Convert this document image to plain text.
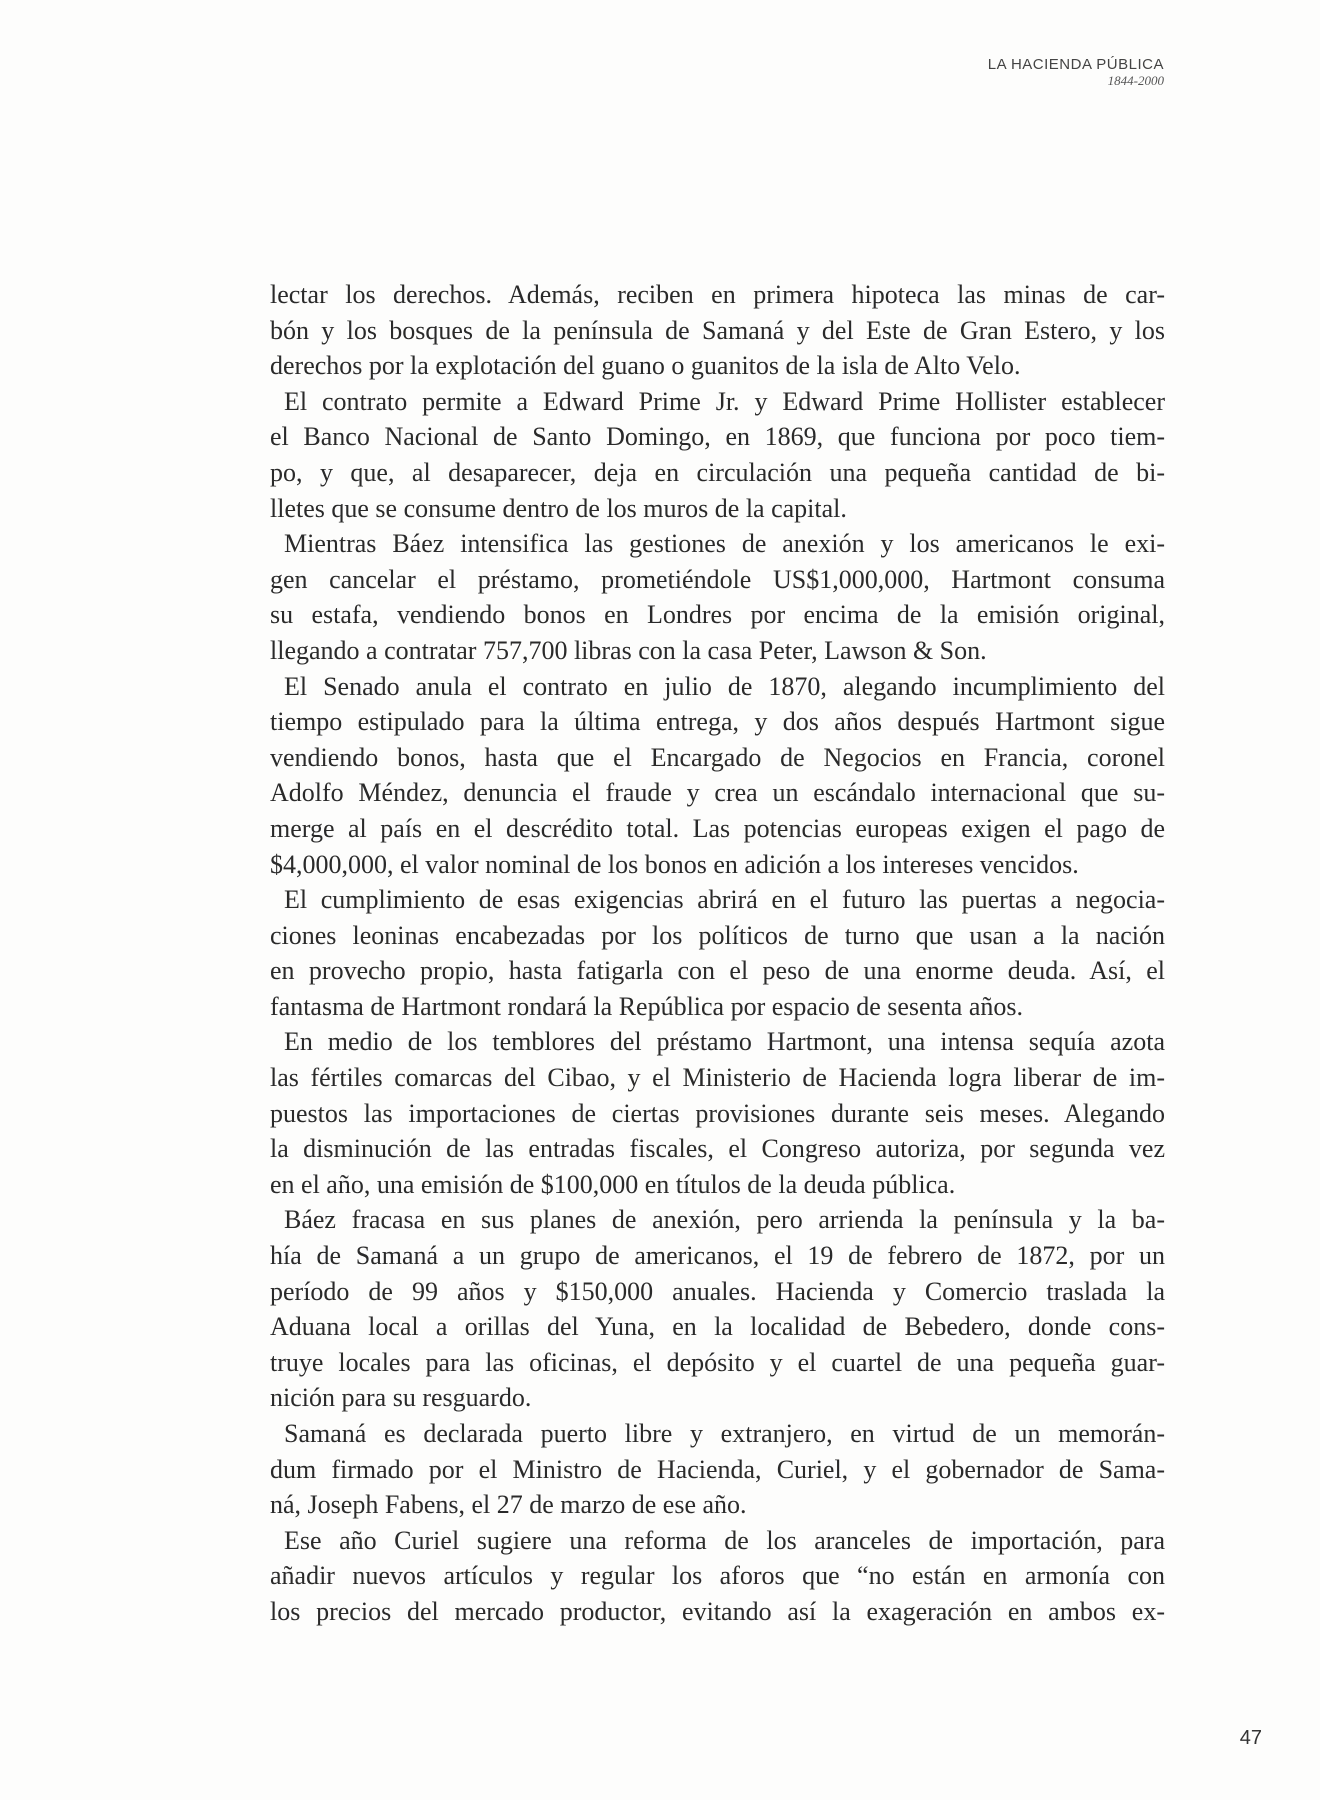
LA HACIENDA PÚBLICA
1844-2000
lectar los derechos. Además, reciben en primera hipoteca las minas de car-
bón y los bosques de la península de Samaná y del Este de Gran Estero, y los
derechos por la explotación del guano o guanitos de la isla de Alto Velo.
El contrato permite a Edward Prime Jr. y Edward Prime Hollister establecer
el Banco Nacional de Santo Domingo, en 1869, que funciona por poco tiem-
po, y que, al desaparecer, deja en circulación una pequeña cantidad de bi-
lletes que se consume dentro de los muros de la capital.
Mientras Báez intensifica las gestiones de anexión y los americanos le exi-
gen cancelar el préstamo, prometiéndole US$1,000,000, Hartmont consuma
su estafa, vendiendo bonos en Londres por encima de la emisión original,
llegando a contratar 757,700 libras con la casa Peter, Lawson & Son.
El Senado anula el contrato en julio de 1870, alegando incumplimiento del
tiempo estipulado para la última entrega, y dos años después Hartmont sigue
vendiendo bonos, hasta que el Encargado de Negocios en Francia, coronel
Adolfo Méndez, denuncia el fraude y crea un escándalo internacional que su-
merge al país en el descrédito total. Las potencias europeas exigen el pago de
$4,000,000, el valor nominal de los bonos en adición a los intereses vencidos.
El cumplimiento de esas exigencias abrirá en el futuro las puertas a negocia-
ciones leoninas encabezadas por los políticos de turno que usan a la nación
en provecho propio, hasta fatigarla con el peso de una enorme deuda. Así, el
fantasma de Hartmont rondará la República por espacio de sesenta años.
En medio de los temblores del préstamo Hartmont, una intensa sequía azota
las fértiles comarcas del Cibao, y el Ministerio de Hacienda logra liberar de im-
puestos las importaciones de ciertas provisiones durante seis meses. Alegando
la disminución de las entradas fiscales, el Congreso autoriza, por segunda vez
en el año, una emisión de $100,000 en títulos de la deuda pública.
Báez fracasa en sus planes de anexión, pero arrienda la península y la ba-
hía de Samaná a un grupo de americanos, el 19 de febrero de 1872, por un
período de 99 años y $150,000 anuales. Hacienda y Comercio traslada la
Aduana local a orillas del Yuna, en la localidad de Bebedero, donde cons-
truye locales para las oficinas, el depósito y el cuartel de una pequeña guar-
nición para su resguardo.
Samaná es declarada puerto libre y extranjero, en virtud de un memorán-
dum firmado por el Ministro de Hacienda, Curiel, y el gobernador de Sama-
ná, Joseph Fabens, el 27 de marzo de ese año.
Ese año Curiel sugiere una reforma de los aranceles de importación, para
añadir nuevos artículos y regular los aforos que “no están en armonía con
los precios del mercado productor, evitando así la exageración en ambos ex-
47
